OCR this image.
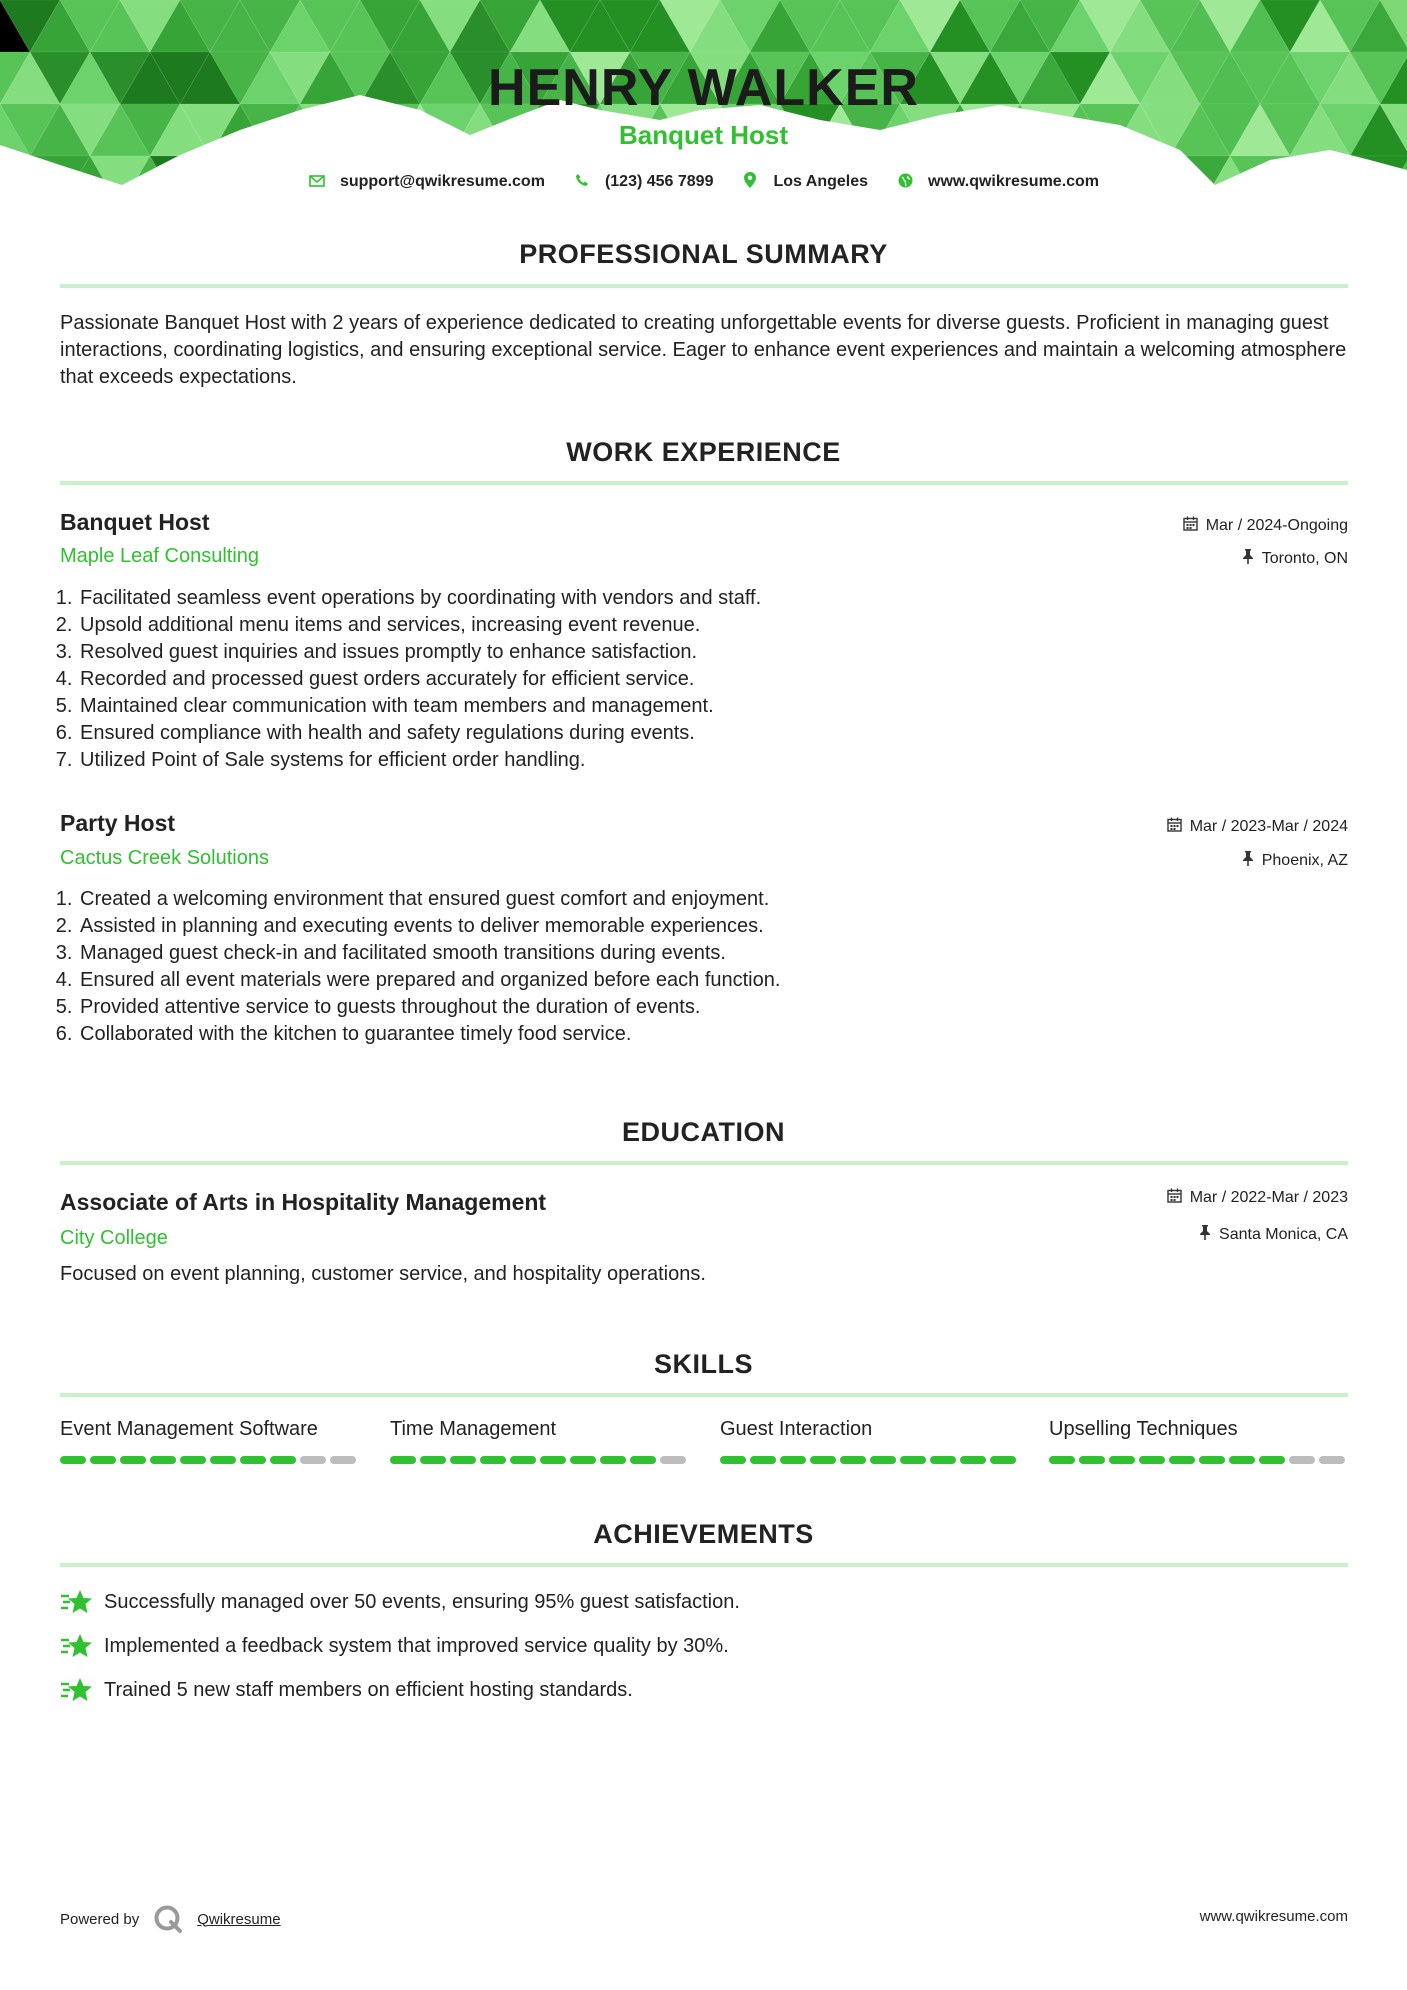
HENRY WALKER
Banquet Host
support@qwikresume.com	(123) 456 7899	Los Angeles	www.qwikresume.com
PROFESSIONAL SUMMARY

Passionate Banquet Host with 2 years of experience dedicated to creating unforgettable events for diverse guests. Proficient in managing guest interactions, coordinating logistics, and ensuring exceptional service. Eager to enhance event experiences and maintain a welcoming atmosphere that exceeds expectations.

WORK EXPERIENCE
Banquet Host
Maple Leaf Consulting
Mar / 2024-Ongoing
Toronto, ON
1. Facilitated seamless event operations by coordinating with vendors and staff.
2. Upsold additional menu items and services, increasing event revenue.
3. Resolved guest inquiries and issues promptly to enhance satisfaction.
4. Recorded and processed guest orders accurately for efficient service.
5. Maintained clear communication with team members and management.
6. Ensured compliance with health and safety regulations during events.
7. Utilized Point of Sale systems for efficient order handling.
Party Host
Cactus Creek Solutions
Mar / 2023-Mar / 2024
Phoenix, AZ
1. Created a welcoming environment that ensured guest comfort and enjoyment.
2. Assisted in planning and executing events to deliver memorable experiences.
3. Managed guest check-in and facilitated smooth transitions during events.
4. Ensured all event materials were prepared and organized before each function.
5. Provided attentive service to guests throughout the duration of events.
6. Collaborated with the kitchen to guarantee timely food service.
EDUCATION
Associate of Arts in Hospitality Management
City College
Mar / 2022-Mar / 2023
Santa Monica, CA
Focused on event planning, customer service, and hospitality operations.
SKILLS
Event Management Software	Time Management	Guest Interaction	Upselling Techniques
ACHIEVEMENTS
Successfully managed over 50 events, ensuring 95% guest satisfaction.
Implemented a feedback system that improved service quality by 30%.
Trained 5 new staff members on efficient hosting standards.
Powered by	Qwikresume	www.qwikresume.com
